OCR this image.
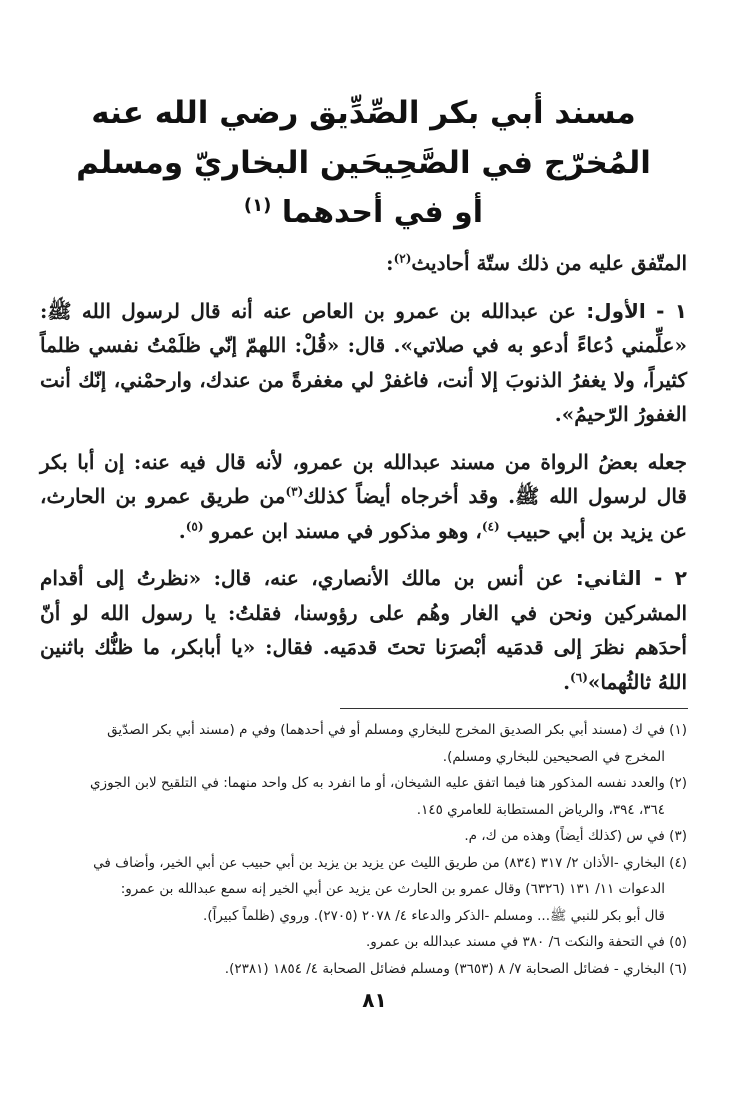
مسند أبي بكر الصِّدِّيق رضي الله عنه
المُخرّج في الصَّحِيحَين البخاريّ ومسلم
أو في أحدهما $^{(١)}$

المتّفق عليه من ذلك ستّة أحاديث$^{(٢)}$:

١ - الأول: عن عبدالله بن عمرو بن العاص عنه أنه قال لرسول الله ﷺ: «علِّمني دُعاءً أدعو به في صلاتي». قال: «قُلْ: اللهمّ إنّي ظلَمْتُ نفسي ظلماً كثيراً، ولا يغفرُ الذنوبَ إلا أنت، فاغفرْ لي مغفرةً من عندك، وارحمْني، إنّك أنت الغفورُ الرّحيمُ».

جعله بعضُ الرواة من مسند عبدالله بن عمرو، لأنه قال فيه عنه: إن أبا بكر قال لرسول الله ﷺ. وقد أخرجاه أيضاً كذلك$^{(٣)}$من طريق عمرو بن الحارث، عن يزيد بن أبي حبيب $^{(٤)}$، وهو مذكور في مسند ابن عمرو $^{(٥)}$.

٢ - الثاني: عن أنس بن مالك الأنصاري، عنه، قال: «نظرتُ إلى أقدام المشركين ونحن في الغار وهُم على رؤوسنا، فقلتُ: يا رسول الله لو أنّ أحدَهم نظرَ إلى قدمَيه أبْصرَنا تحتَ قدمَيه. فقال: «يا أبابكر، ما ظنُّك باثنين اللهُ ثالثُهما»$^{(٦)}$.

(١) في ك (مسند أبي بكر الصديق المخرج للبخاري ومسلم أو في أحدهما) وفي م (مسند أبي بكر الصدّيق
المخرج في الصحيحين للبخاري ومسلم).
(٢) والعدد نفسه المذكور هنا فيما اتفق عليه الشيخان، أو ما انفرد به كل واحد منهما: في التلقيح لابن الجوزي
٣٦٤، ٣٩٤، والرياض المستطابة للعامري ١٤٥.
(٣) في س (كذلك أيضاً) وهذه من ك، م.
(٤) البخاري -الأذان ٢/ ٣١٧ (٨٣٤) من طريق الليث عن يزيد بن يزيد بن أبي حبيب عن أبي الخير، وأضاف في
الدعوات ١١/ ١٣١ (٦٣٢٦) وقال عمرو بن الحارث عن يزيد عن أبي الخير إنه سمع عبدالله بن عمرو:
قال أبو بكر للنبي ﷺ... ومسلم -الذكر والدعاء ٤/ ٢٠٧٨ (٢٧٠٥). وروي (ظلماً كبيراً).
(٥) في التحفة والنكت ٦/ ٣٨٠ في مسند عبدالله بن عمرو.
(٦) البخاري - فضائل الصحابة ٧/ ٨ (٣٦٥٣) ومسلم فضائل الصحابة ٤/ ١٨٥٤ (٢٣٨١).
٨١
